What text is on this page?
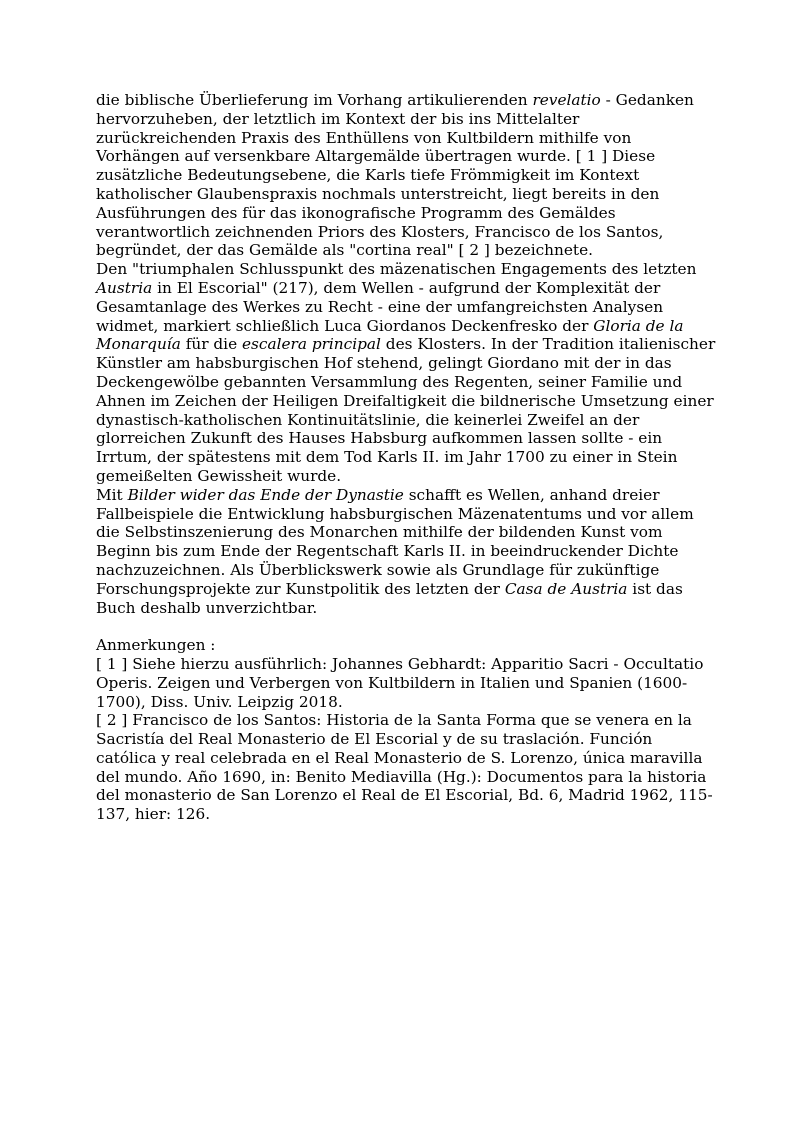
die biblische Überlieferung im Vorhang artikulierenden revelatio - Gedanken hervorzuheben, der letztlich im Kontext der bis ins Mittelalter zurückreichenden Praxis des Enthüllens von Kultbildern mithilfe von Vorhängen auf versenkbare Altargemälde übertragen wurde. [ 1 ] Diese zusätzliche Bedeutungsebene, die Karls tiefe Frömmigkeit im Kontext katholischer Glaubenspraxis nochmals unterstreicht, liegt bereits in den Ausführungen des für das ikonografische Programm des Gemäldes verantwortlich zeichnenden Priors des Klosters, Francisco de los Santos, begründet, der das Gemälde als "cortina real" [ 2 ] bezeichnete.

Den "triumphalen Schlusspunkt des mäzenatischen Engagements des letzten Austria in El Escorial" (217), dem Wellen - aufgrund der Komplexität der Gesamtanlage des Werkes zu Recht - eine der umfangreichsten Analysen widmet, markiert schließlich Luca Giordanos Deckenfresko der Gloria de la Monarquía für die escalera principal des Klosters. In der Tradition italienischer Künstler am habsburgischen Hof stehend, gelingt Giordano mit der in das Deckengewölbe gebannten Versammlung des Regenten, seiner Familie und Ahnen im Zeichen der Heiligen Dreifaltigkeit die bildnerische Umsetzung einer dynastisch-katholischen Kontinuitätslinie, die keinerlei Zweifel an der glorreichen Zukunft des Hauses Habsburg aufkommen lassen sollte - ein Irrtum, der spätestens mit dem Tod Karls II. im Jahr 1700 zu einer in Stein gemeißelten Gewissheit wurde.

Mit Bilder wider das Ende der Dynastie schafft es Wellen, anhand dreier Fallbeispiele die Entwicklung habsburgischen Mäzenatentums und vor allem die Selbstinszenierung des Monarchen mithilfe der bildenden Kunst vom Beginn bis zum Ende der Regentschaft Karls II. in beeindruckender Dichte nachzuzeichnen. Als Überblickswerk sowie als Grundlage für zukünftige Forschungsprojekte zur Kunstpolitik des letzten der Casa de Austria ist das Buch deshalb unverzichtbar.

Anmerkungen :

[ 1 ] Siehe hierzu ausführlich: Johannes Gebhardt: Apparitio Sacri - Occultatio Operis. Zeigen und Verbergen von Kultbildern in Italien und Spanien (1600-1700), Diss. Univ. Leipzig 2018.

[ 2 ] Francisco de los Santos: Historia de la Santa Forma que se venera en la Sacristía del Real Monasterio de El Escorial y de su traslación. Función católica y real celebrada en el Real Monasterio de S. Lorenzo, única maravilla del mundo. Año 1690, in: Benito Mediavilla (Hg.): Documentos para la historia del monasterio de San Lorenzo el Real de El Escorial, Bd. 6, Madrid 1962, 115-137, hier: 126.
